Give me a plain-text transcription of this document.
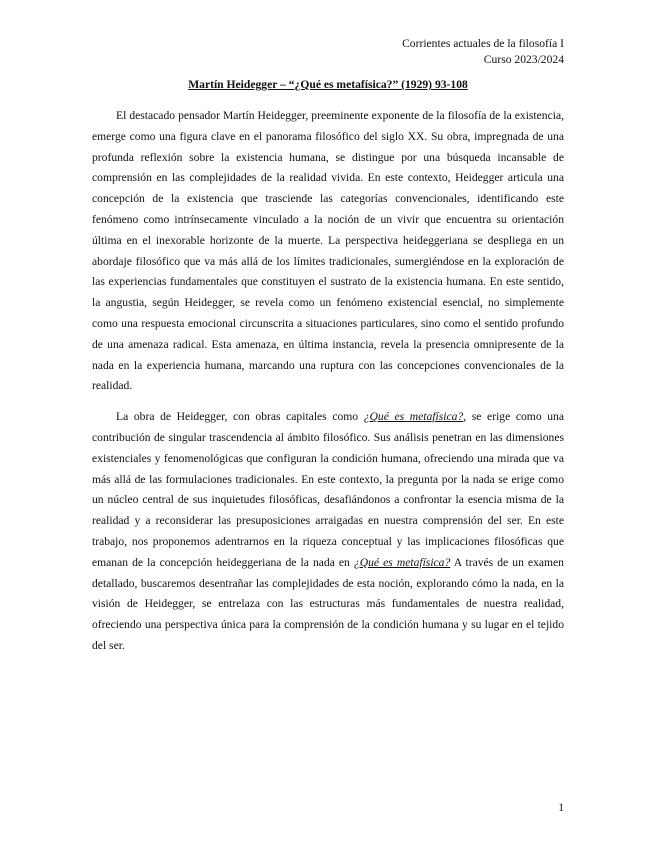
Corrientes actuales de la filosofía I
Curso 2023/2024
Martín Heidegger – “¿Qué es metafísica?” (1929) 93-108

El destacado pensador Martín Heidegger, preeminente exponente de la filosofía de la existencia, emerge como una figura clave en el panorama filosófico del siglo XX. Su obra, impregnada de una profunda reflexión sobre la existencia humana, se distingue por una búsqueda incansable de comprensión en las complejidades de la realidad vivida. En este contexto, Heidegger articula una concepción de la existencia que trasciende las categorías convencionales, identificando este fenómeno como intrínsecamente vinculado a la noción de un vivir que encuentra su orientación última en el inexorable horizonte de la muerte. La perspectiva heideggeriana se despliega en un abordaje filosófico que va más allá de los límites tradicionales, sumergiéndose en la exploración de las experiencias fundamentales que constituyen el sustrato de la existencia humana. En este sentido, la angustia, según Heidegger, se revela como un fenómeno existencial esencial, no simplemente como una respuesta emocional circunscrita a situaciones particulares, sino como el sentido profundo de una amenaza radical. Esta amenaza, en última instancia, revela la presencia omnipresente de la nada en la experiencia humana, marcando una ruptura con las concepciones convencionales de la realidad.

La obra de Heidegger, con obras capitales como ¿Qué es metafísica?, se erige como una contribución de singular trascendencia al ámbito filosófico. Sus análisis penetran en las dimensiones existenciales y fenomenológicas que configuran la condición humana, ofreciendo una mirada que va más allá de las formulaciones tradicionales. En este contexto, la pregunta por la nada se erige como un núcleo central de sus inquietudes filosóficas, desafiándonos a confrontar la esencia misma de la realidad y a reconsiderar las presuposiciones arraigadas en nuestra comprensión del ser. En este trabajo, nos proponemos adentrarnos en la riqueza conceptual y las implicaciones filosóficas que emanan de la concepción heideggeriana de la nada en ¿Qué es metafísica? A través de un examen detallado, buscaremos desentrañar las complejidades de esta noción, explorando cómo la nada, en la visión de Heidegger, se entrelaza con las estructuras más fundamentales de nuestra realidad, ofreciendo una perspectiva única para la comprensión de la condición humana y su lugar en el tejido del ser.

1
